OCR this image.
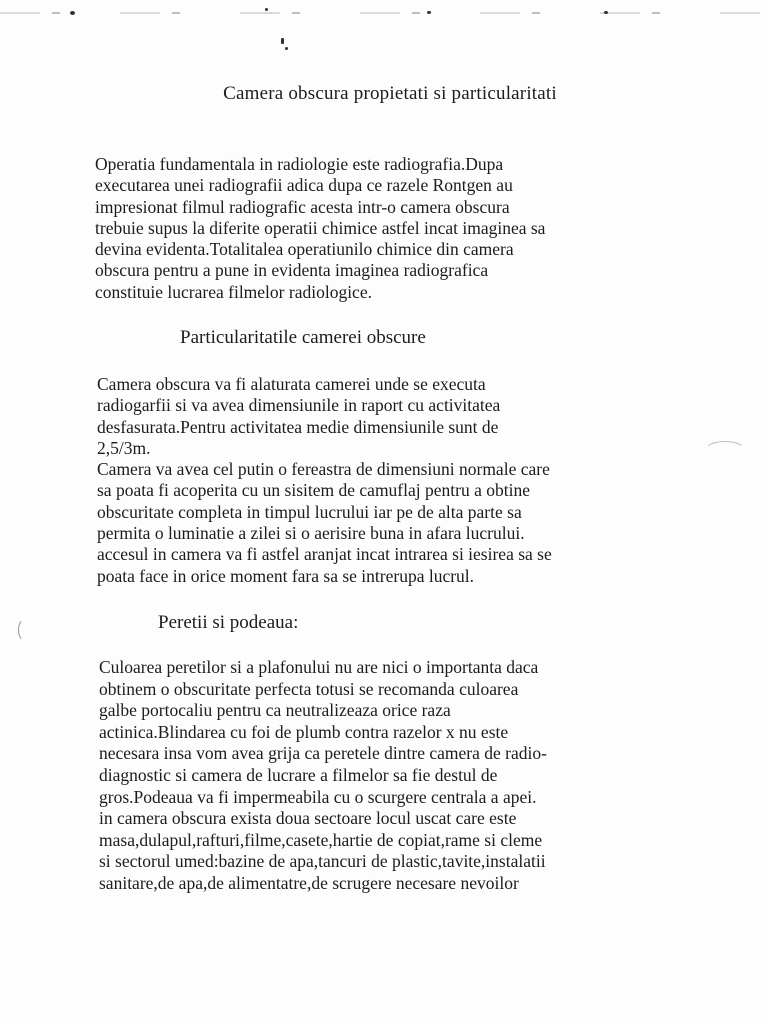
Camera obscura propietati si particularitati
Operatia fundamentala in radiologie este radiografia.Dupa
executarea unei radiografii adica dupa ce razele Rontgen au
impresionat filmul radiografic acesta intr-o camera obscura
trebuie supus la diferite operatii chimice astfel incat imaginea sa
devina evidenta.Totalitalea operatiunilo chimice din camera
obscura pentru a pune in evidenta imaginea radiografica
constituie lucrarea filmelor radiologice.
Particularitatile camerei obscure
Camera obscura va fi alaturata camerei unde se executa
radiogarfii si va avea dimensiunile in raport cu activitatea
desfasurata.Pentru activitatea medie dimensiunile sunt de
2,5/3m.
Camera va avea cel putin o fereastra de dimensiuni normale care
sa poata fi acoperita cu un sisitem de camuflaj pentru a obtine
obscuritate completa in timpul lucrului iar pe de alta parte sa
permita o luminatie a zilei si o aerisire buna in afara lucrului.
accesul in camera va fi astfel aranjat incat intrarea si iesirea sa se
poata face in orice moment fara sa se intrerupa lucrul.
Peretii si podeaua:
Culoarea peretilor si a plafonului nu are nici o importanta daca
obtinem o obscuritate perfecta totusi se recomanda culoarea
galbe portocaliu pentru ca neutralizeaza orice raza
actinica.Blindarea cu foi de plumb contra razelor x nu este
necesara insa vom avea grija ca peretele dintre camera de radio-
diagnostic si camera de lucrare a filmelor sa fie destul de
gros.Podeaua va fi impermeabila cu o scurgere centrala a apei.
in camera obscura exista doua sectoare locul uscat care este
masa,dulapul,rafturi,filme,casete,hartie de copiat,rame si cleme
si sectorul umed:bazine de apa,tancuri de plastic,tavite,instalatii
sanitare,de apa,de alimentatre,de scrugere necesare nevoilor
